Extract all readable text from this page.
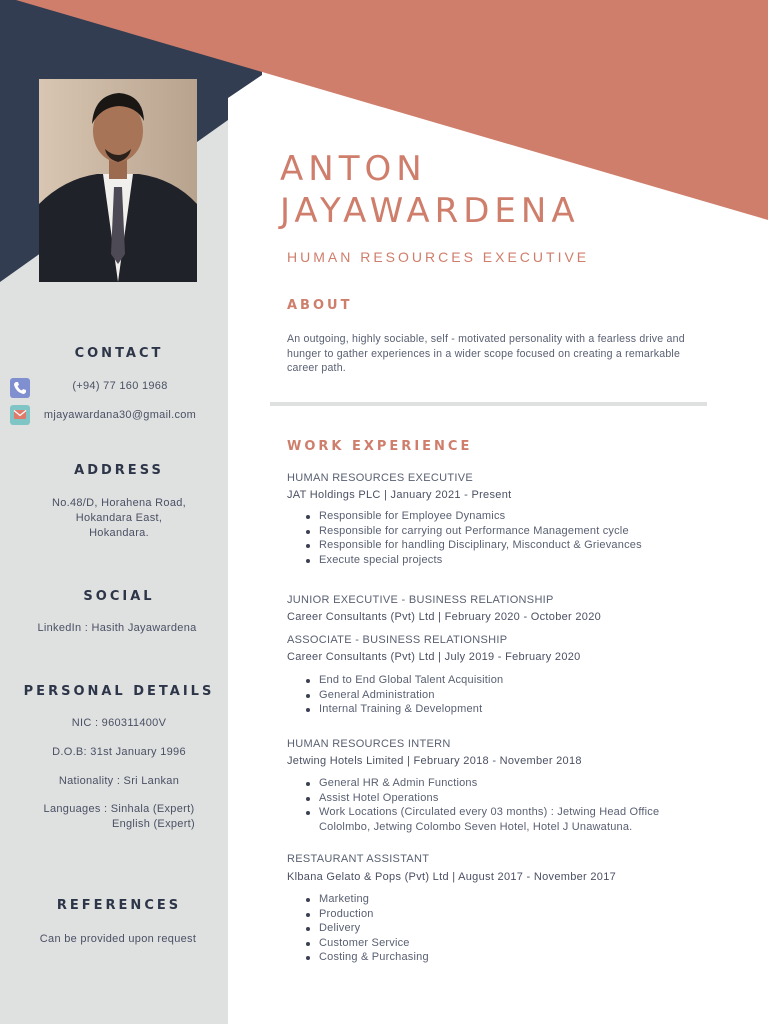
CONTACT
(+94) 77 160 1968
mjayawardana30@gmail.com
ADDRESS
No.48/D, Horahena Road,
Hokandara East,
Hokandara.
SOCIAL
LinkedIn : Hasith Jayawardena
PERSONAL DETAILS
NIC : 960311400V
D.O.B: 31st January 1996
Nationality : Sri Lankan
Languages : Sinhala (Expert)
English (Expert)
REFERENCES
Can be provided upon request
ANTON
JAYAWARDENA
HUMAN RESOURCES EXECUTIVE
ABOUT
An outgoing, highly sociable, self - motivated personality with a fearless drive and hunger to gather experiences in a wider scope focused on creating a remarkable career path.
WORK EXPERIENCE
HUMAN RESOURCES EXECUTIVE
JAT Holdings PLC | January 2021 - Present
Responsible for Employee Dynamics
Responsible for carrying out Performance Management cycle
Responsible for handling Disciplinary, Misconduct & Grievances
Execute special projects
JUNIOR EXECUTIVE - BUSINESS RELATIONSHIP
Career Consultants (Pvt) Ltd | February 2020 - October 2020
ASSOCIATE - BUSINESS RELATIONSHIP
Career Consultants (Pvt) Ltd | July 2019 - February 2020
End to End Global Talent Acquisition
General Administration
Internal Training & Development
HUMAN RESOURCES INTERN
Jetwing Hotels Limited | February 2018 - November 2018
General HR & Admin Functions
Assist Hotel Operations
Work Locations (Circulated every 03 months) : Jetwing Head Office Colol​mbo, Jetwing Colombo Seven Hotel, Hotel J Unawatuna.
RESTAURANT ASSISTANT
Klbana Gelato & Pops (Pvt) Ltd | August 2017 - November 2017
Marketing
Production
Delivery
Customer Service
Costing & Purchasing
